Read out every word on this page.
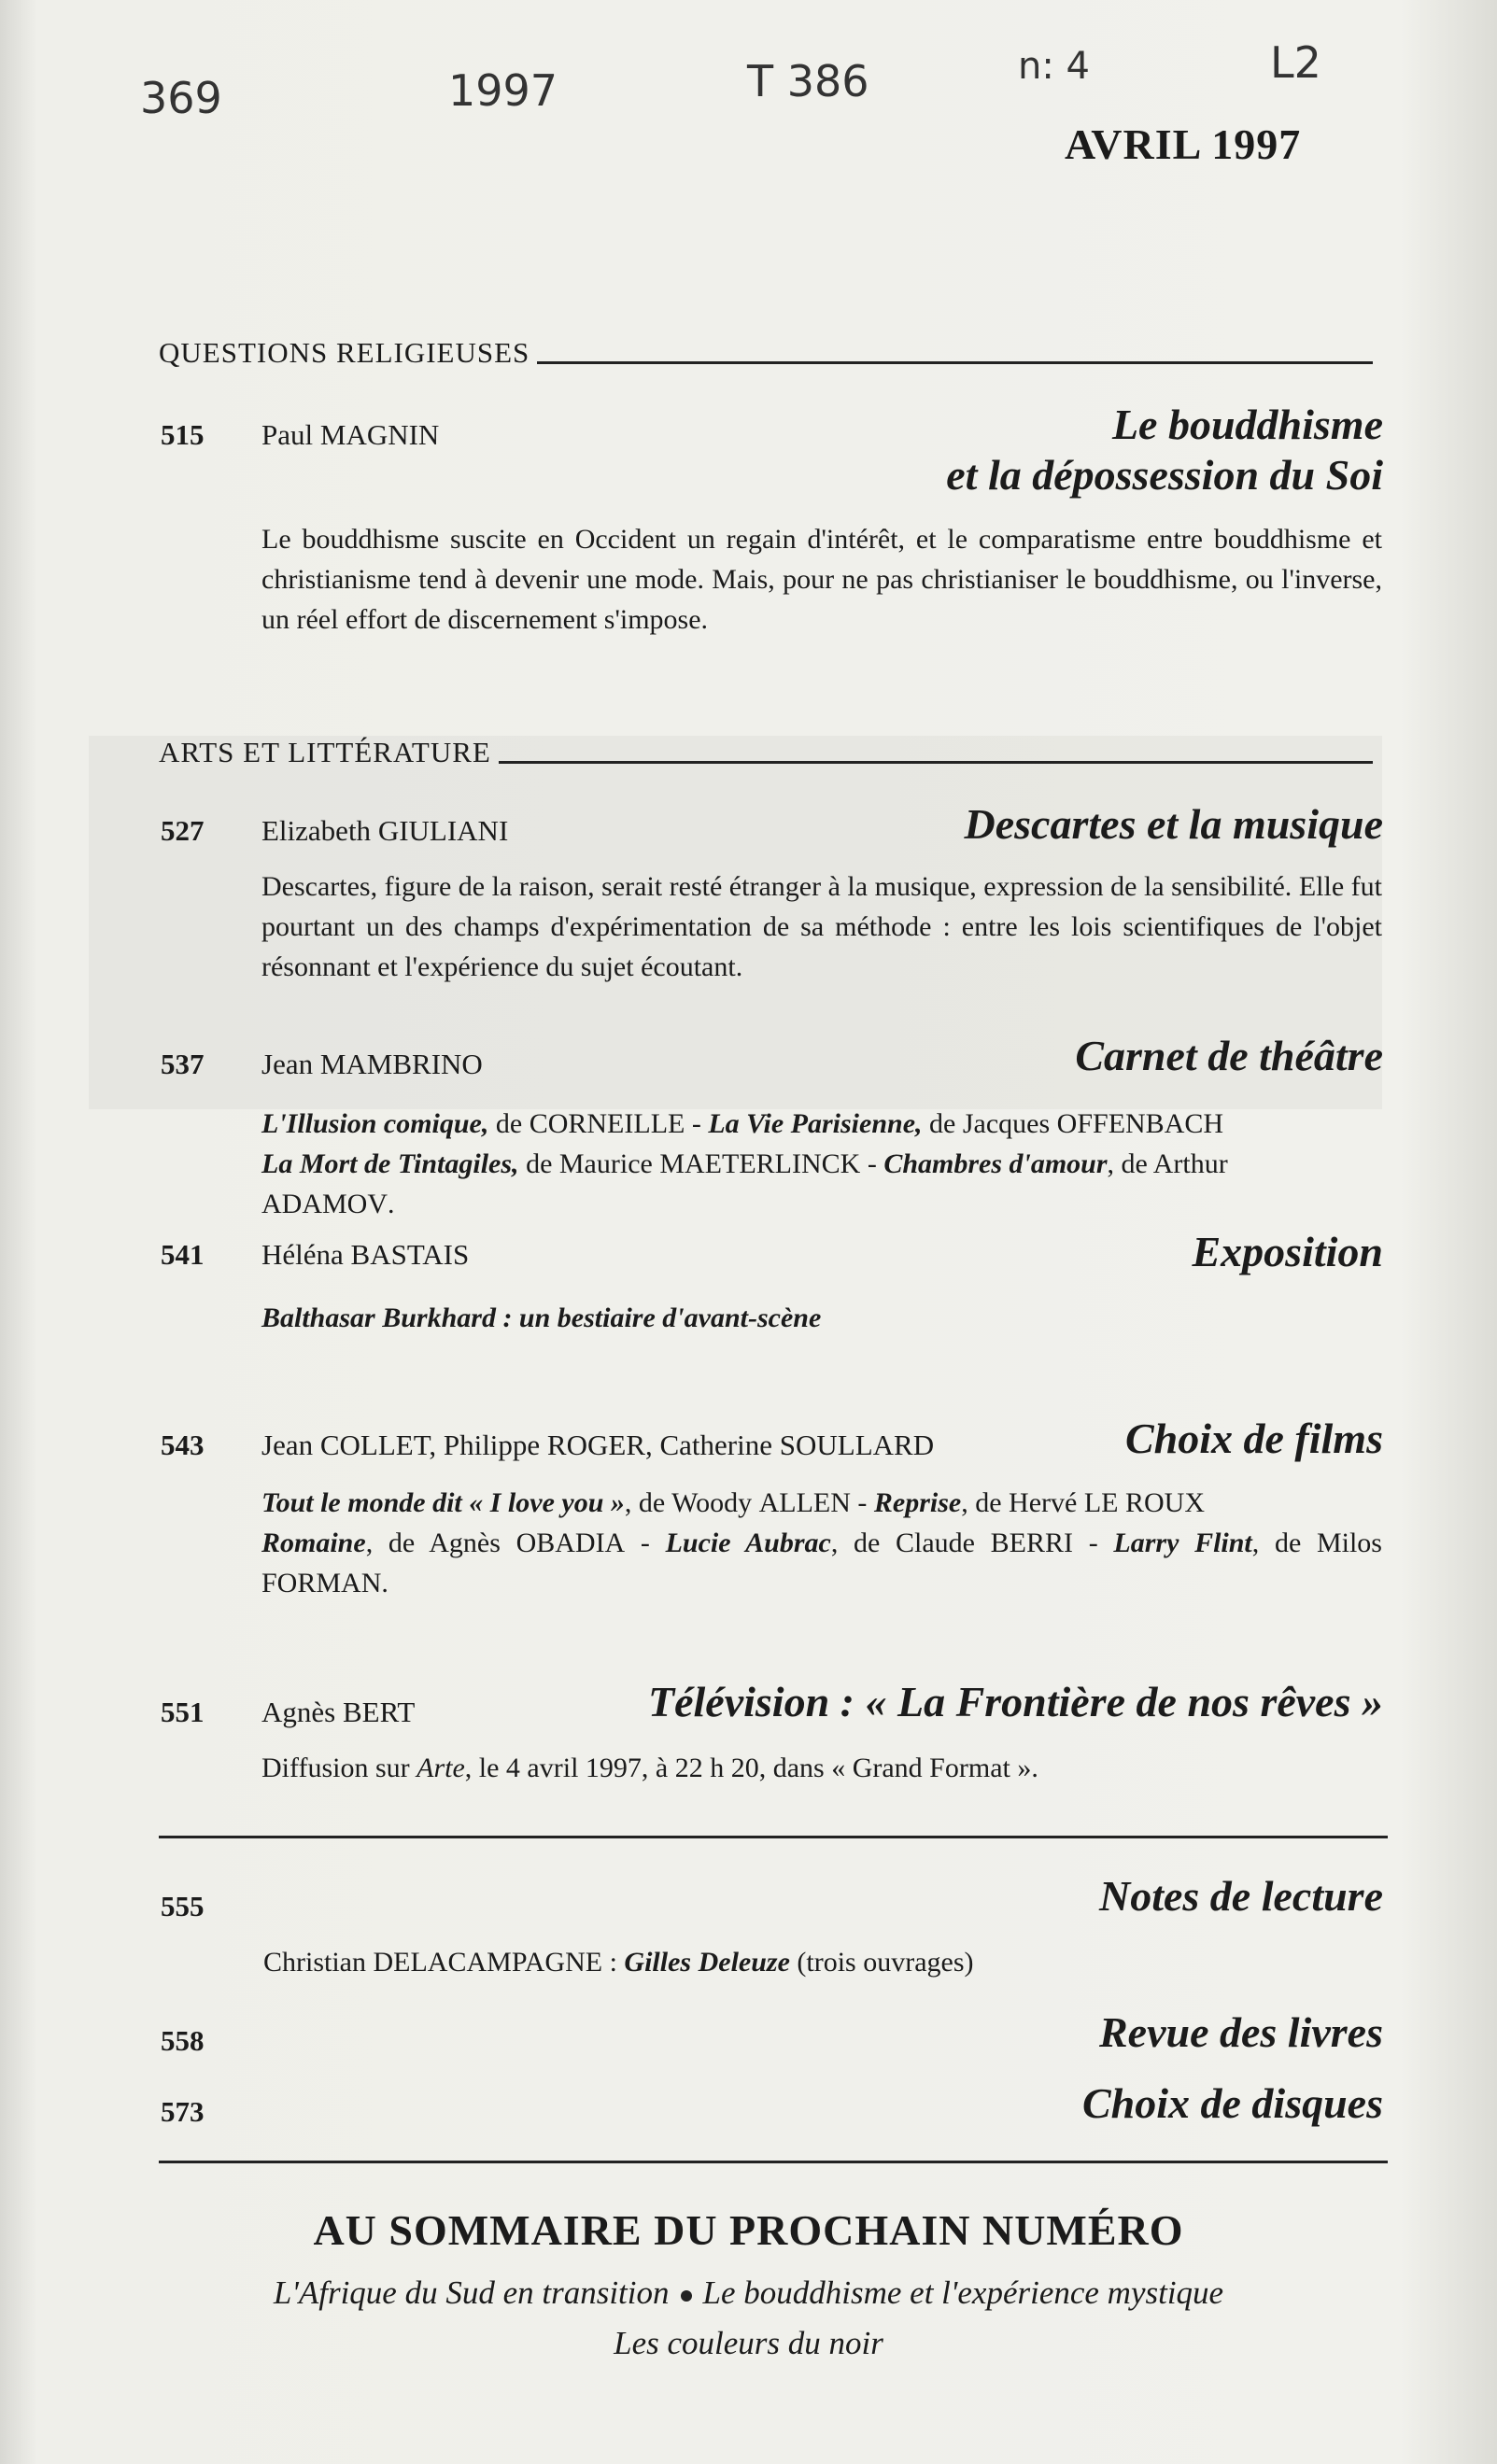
369	1997	T 386	n: 4	L2
AVRIL 1997
QUESTIONS RELIGIEUSES
515 Paul MAGNIN	Le bouddhisme
et la dépossession du Soi
Le bouddhisme suscite en Occident un regain d'intérêt, et le comparatisme entre bouddhisme et christianisme tend à devenir une mode. Mais, pour ne pas christianiser le bouddhisme, ou l'inverse, un réel effort de discernement s'impose.
ARTS ET LITTÉRATURE
527 Elizabeth GIULIANI	Descartes et la musique
Descartes, figure de la raison, serait resté étranger à la musique, expression de la sensibilité. Elle fut pourtant un des champs d'expérimentation de sa méthode : entre les lois scientifiques de l'objet résonnant et l'expérience du sujet écoutant.
537 Jean MAMBRINO	Carnet de théâtre
L'Illusion comique, de CORNEILLE - La Vie Parisienne, de Jacques OFFENBACH
La Mort de Tintagiles, de Maurice MAETERLINCK - Chambres d'amour, de Arthur
ADAMOV.
541 Héléna BASTAIS	Exposition
Balthasar Burkhard : un bestiaire d'avant-scène
543 Jean COLLET, Philippe ROGER, Catherine SOULLARD	Choix de films
Tout le monde dit « I love you », de Woody ALLEN - Reprise, de Hervé LE ROUX
Romaine, de Agnès OBADIA - Lucie Aubrac, de Claude BERRI - Larry Flint, de Milos FORMAN.
551 Agnès BERT	Télévision : « La Frontière de nos rêves »
Diffusion sur Arte, le 4 avril 1997, à 22 h 20, dans « Grand Format ».
555	Notes de lecture
Christian DELACAMPAGNE : Gilles Deleuze (trois ouvrages)
558	Revue des livres
573	Choix de disques
AU SOMMAIRE DU PROCHAIN NUMÉRO
L'Afrique du Sud en transition Le bouddhisme et l'expérience mystique
Les couleurs du noir
